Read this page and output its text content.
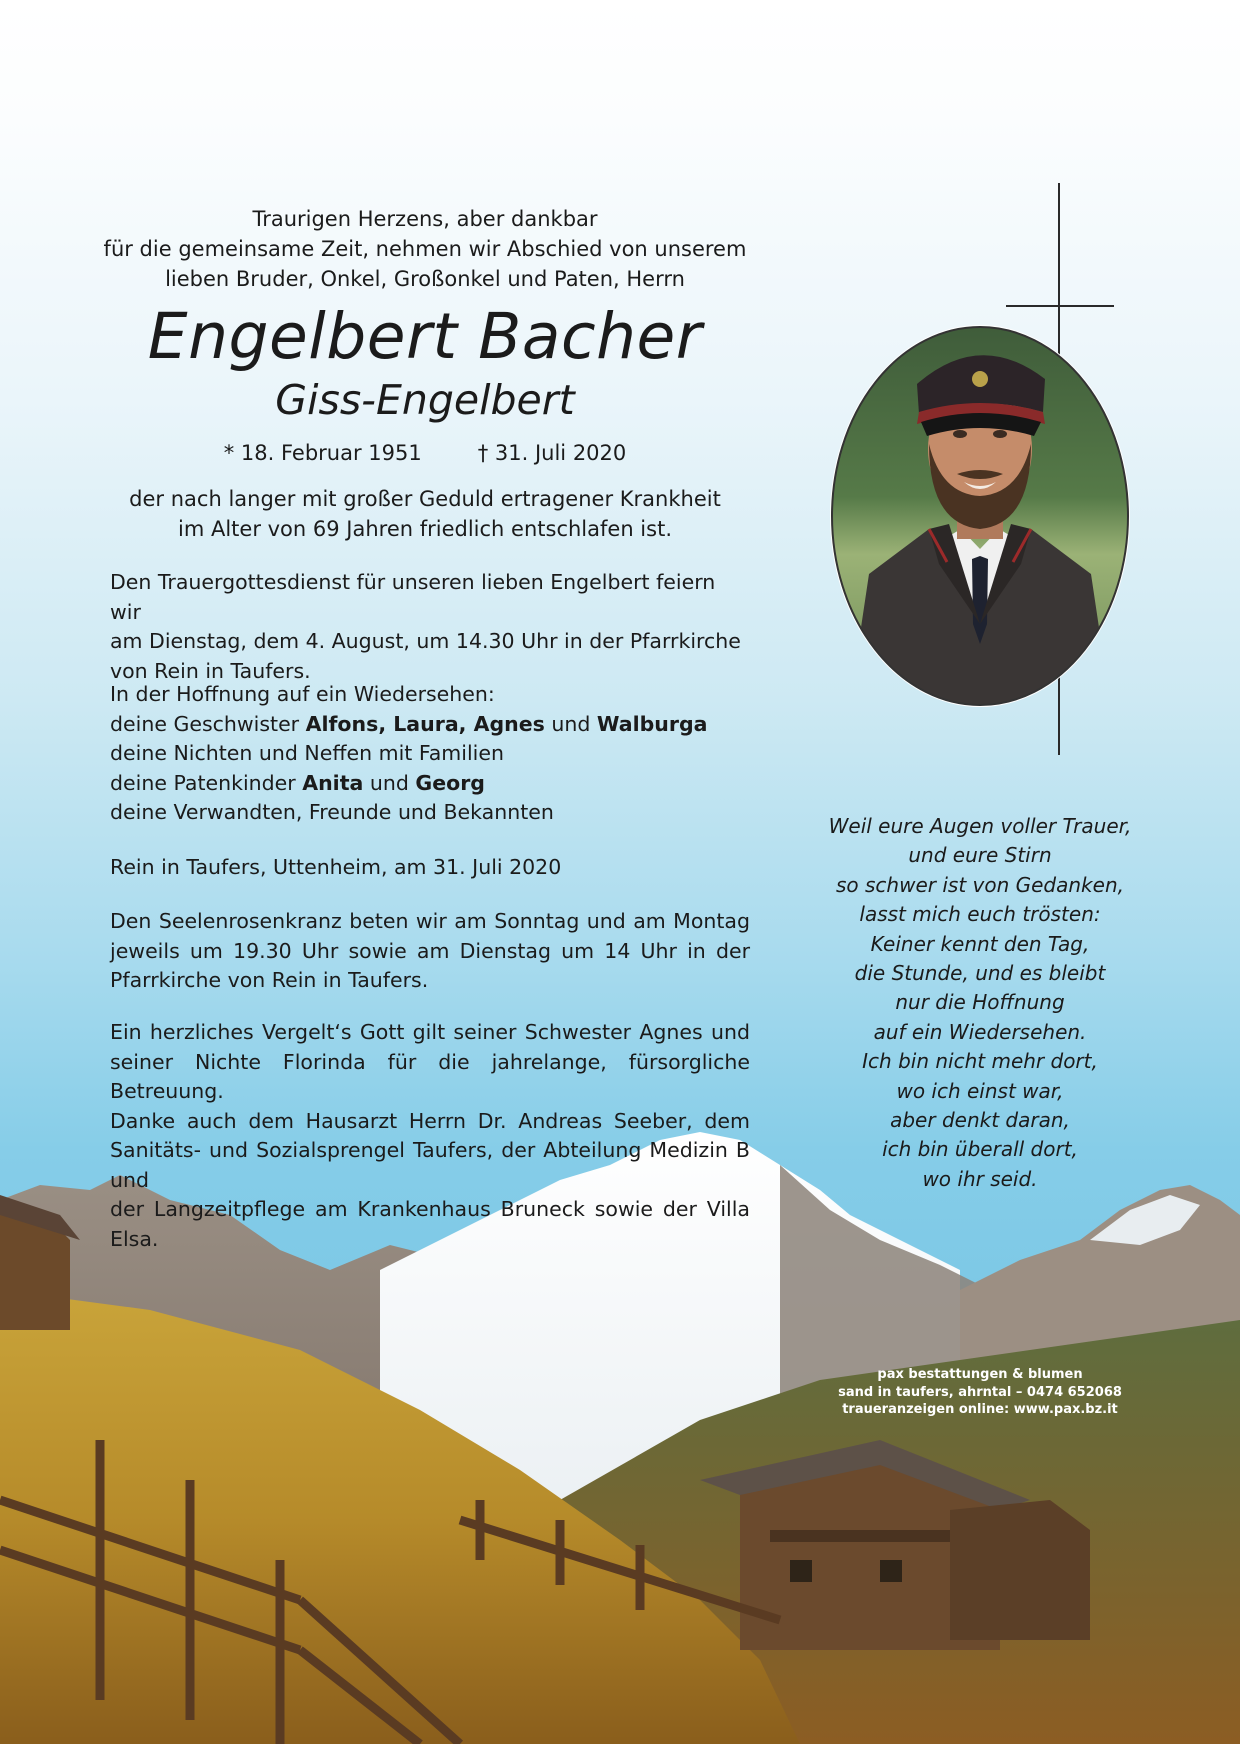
Traurigen Herzens, aber dankbar

für die gemeinsame Zeit, nehmen wir Abschied von unserem

lieben Bruder, Onkel, Großonkel und Paten, Herrn

Engelbert Bacher
Giss-Engelbert
* 18. Februar 1951	† 31. Juli 2020

der nach langer mit großer Geduld ertragener Krankheit

im Alter von 69 Jahren friedlich entschlafen ist.

Den Trauergottesdienst für unseren lieben Engelbert feiern wir

am Dienstag, dem 4. August, um 14.30 Uhr in der Pfarrkirche

von Rein in Taufers.

In der Hoffnung auf ein Wiedersehen:

deine Geschwister Alfons, Laura, Agnes und Walburga

deine Nichten und Neffen mit Familien

deine Patenkinder Anita und Georg

deine Verwandten, Freunde und Bekannten

Rein in Taufers, Uttenheim, am 31. Juli 2020

Den Seelenrosenkranz beten wir am Sonntag und am Montag

jeweils um 19.30 Uhr sowie am Dienstag um 14 Uhr in der

Pfarrkirche von Rein in Taufers.

Ein herzliches Vergelt‘s Gott gilt seiner Schwester Agnes und

seiner Nichte Florinda für die jahrelange, fürsorgliche Betreuung.

Danke auch dem Hausarzt Herrn Dr. Andreas Seeber, dem

Sanitäts- und Sozialsprengel Taufers, der Abteilung Medizin B und

der Langzeitpflege am Krankenhaus Bruneck sowie der Villa Elsa.

Weil eure Augen voller Trauer,

und eure Stirn

so schwer ist von Gedanken,

lasst mich euch trösten:

Keiner kennt den Tag,

die Stunde, und es bleibt

nur die Hoffnung

auf ein Wiedersehen.

Ich bin nicht mehr dort,

wo ich einst war,

aber denkt daran,

ich bin überall dort,

wo ihr seid.

pax bestattungen & blumen

sand in taufers, ahrntal – 0474 652068

traueranzeigen online: www.pax.bz.it
